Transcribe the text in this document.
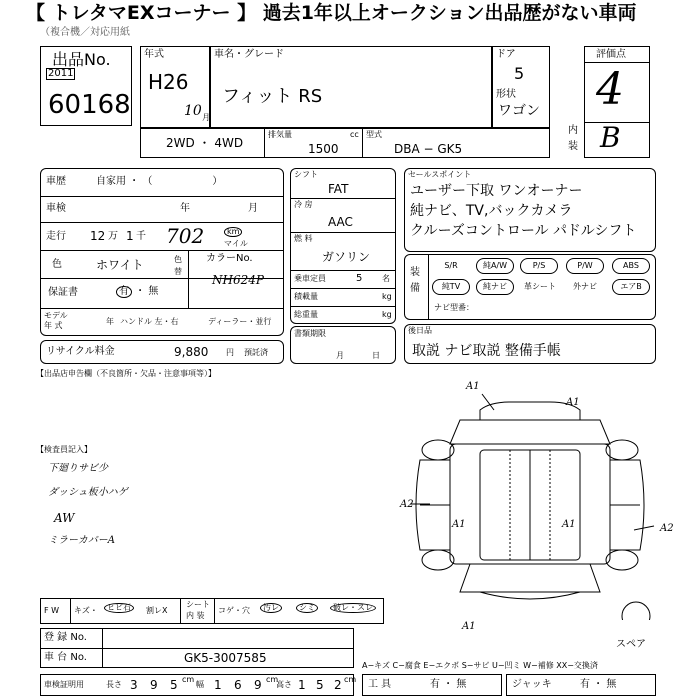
【 トレタマEXコーナー 】 過去1年以上オークション出品歴がない車両
（複合機／対応用紙
出品No.
2011
60168
年式
H26
10 月
車名・グレード
フィット RS
ドア
5
形状
ワゴン
評価点
4
内
装 B
2WD ・ 4WD
排気量	cc
1500
型式
DBA − GK5
車歴	自家用 ・ （　　　　　　）
車検	年	月
走行 12 万 1 千 702	km
マイル
色	ホワイト	色
替
カラーNo.
NH624P
保証書	有 ・ 無
モデル
年 式	年 ハンドル 左・右	ディーラー・並行
リサイクル料金	9,880 円 預託済
シフト
FAT
冷 房
AAC
燃 料
ガソリン
乗車定員	5 名
積載量	kg
総重量	kg
書類期限
月	日
セールスポイント
ユーザー下取 ワンオーナー
純ナビ、TV,バックカメラ
クルーズコントロール パドルシフト
装
備
S/R	純A/W	P/S	P/W	ABS
純TV	純ナビ	革シート	外ナビ	エアB
ナビ型番：
後日品
取説 ナビ取説 整備手帳
【出品店申告欄（不良箇所・欠品・注意事項等）】
【検査員記入】
下廻りサビ少
ダッシュ板小ハゲ
AW
ミラーカバーA
A1
A1
A1
A2
A2
A1
A1
スペア
F W キズ・	ヒビ石	割レX
シート
内 装
コゲ・穴	汚レ	シミ	破レ・スレ
登 録 No.
車 台 No.	GK5-3007585
A−キズ C−腐食 E−エクボ S−サビ U−凹ミ W−補修 XX−交換済
車検証明用	長さ 3 9 5 cm
幅 1 6 9 cm
高さ 1 5 2 cm 工 具	有 ・ 無	ジャッキ	有 ・ 無
